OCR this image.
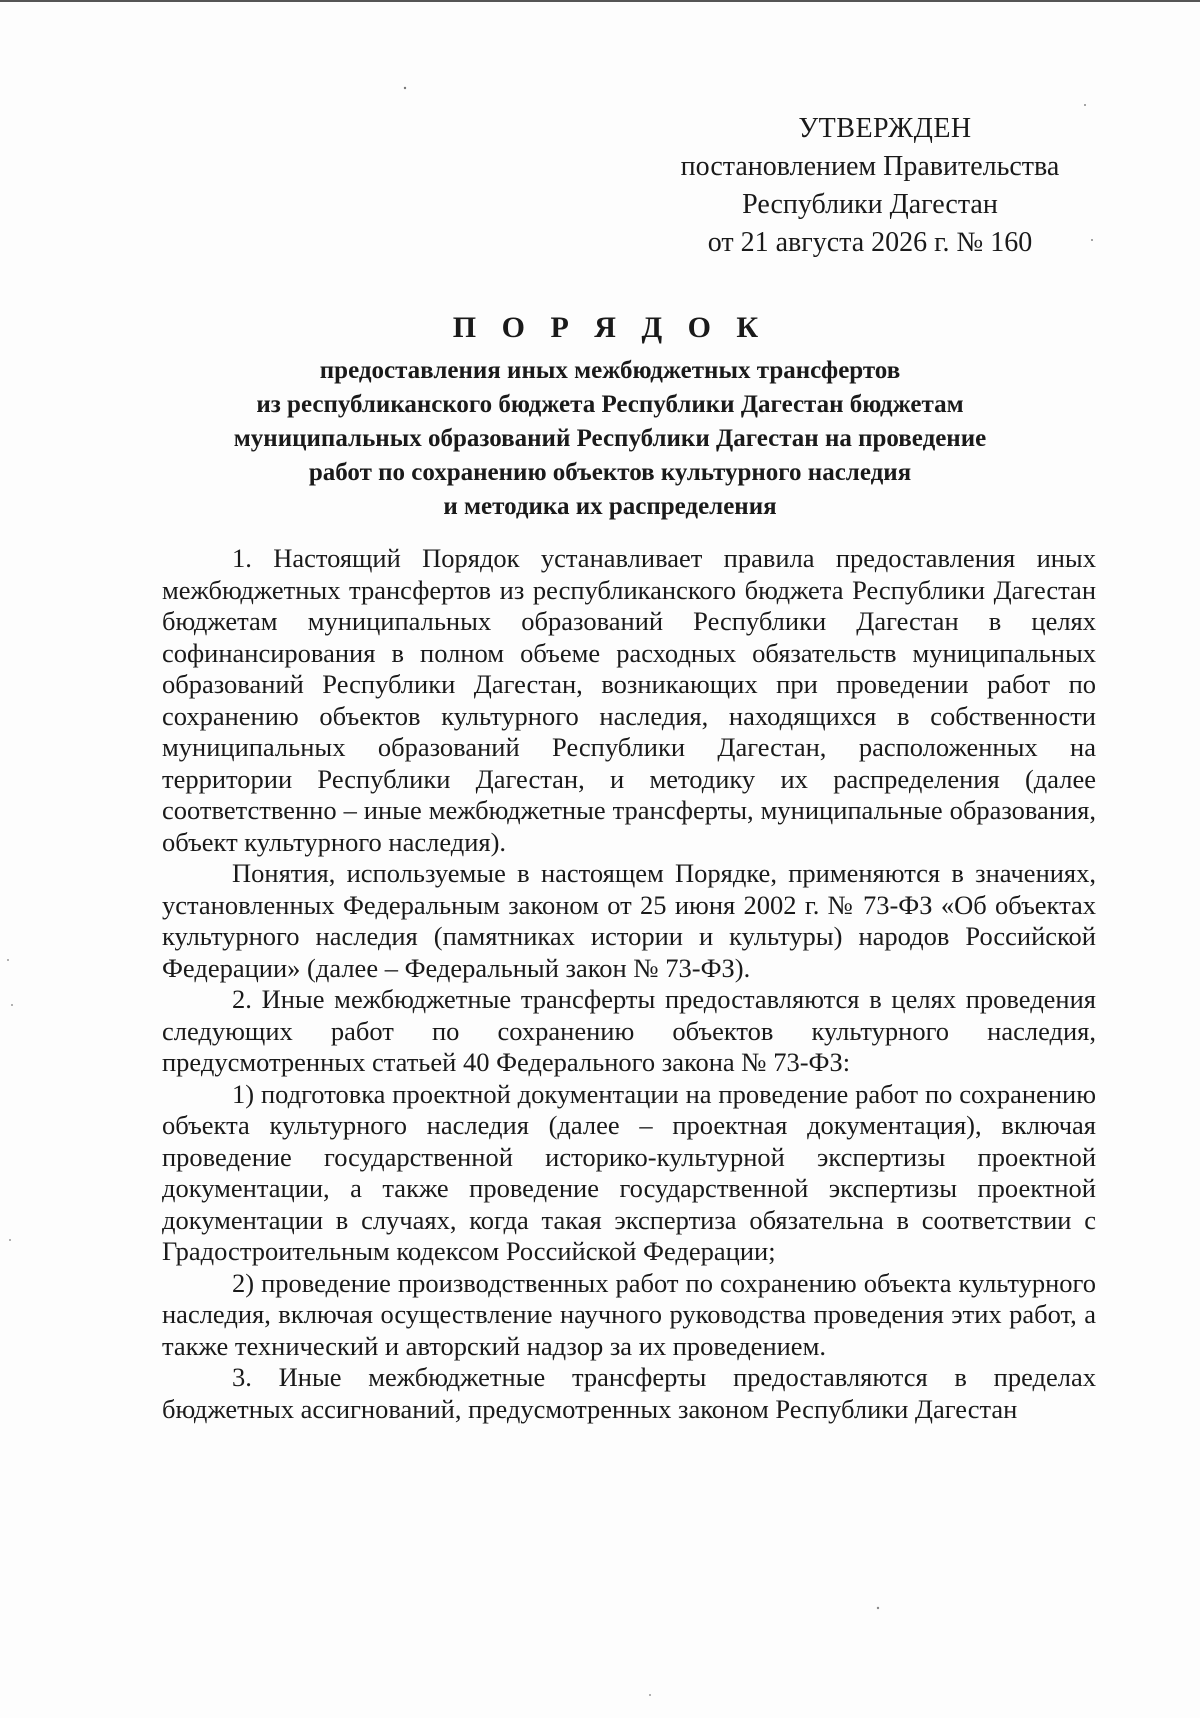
УТВЕРЖДЕН
постановлением Правительства
Республики Дагестан
от 21 августа 2026 г. № 160
П О Р Я Д О К
предоставления иных межбюджетных трансфертов
из республиканского бюджета Республики Дагестан бюджетам
муниципальных образований Республики Дагестан на проведение
работ по сохранению объектов культурного наследия
и методика их распределения

1. Настоящий Порядок устанавливает правила предоставления иных межбюджетных трансфертов из республиканского бюджета Республики Дагестан бюджетам муниципальных образований Республики Дагестан в целях софинансирования в полном объеме расходных обязательств муниципальных образований Республики Дагестан, возникающих при проведении работ по сохранению объектов культурного наследия, находящихся в собственности муниципальных образований Республики Дагестан, расположенных на территории Республики Дагестан, и методику их распределения (далее соответственно – иные межбюджетные трансферты, муниципальные образования, объект культурного наследия).

Понятия, используемые в настоящем Порядке, применяются в значениях, установленных Федеральным законом от 25 июня 2002 г. № 73-ФЗ «Об объектах культурного наследия (памятниках истории и культуры) народов Российской Федерации» (далее – Федеральный закон № 73-ФЗ).

2. Иные межбюджетные трансферты предоставляются в целях проведения следующих работ по сохранению объектов культурного наследия, предусмотренных статьей 40 Федерального закона № 73-ФЗ:

1) подготовка проектной документации на проведение работ по сохранению объекта культурного наследия (далее – проектная документация), включая проведение государственной историко-культурной экспертизы проектной документации, а также проведение государственной экспертизы проектной документации в случаях, когда такая экспертиза обязательна в соответствии с Градостроительным кодексом Российской Федерации;

2) проведение производственных работ по сохранению объекта культурного наследия, включая осуществление научного руководства проведения этих работ, а также технический и авторский надзор за их проведением.

3. Иные межбюджетные трансферты предоставляются в пределах бюджетных ассигнований, предусмотренных законом Республики Дагестан
